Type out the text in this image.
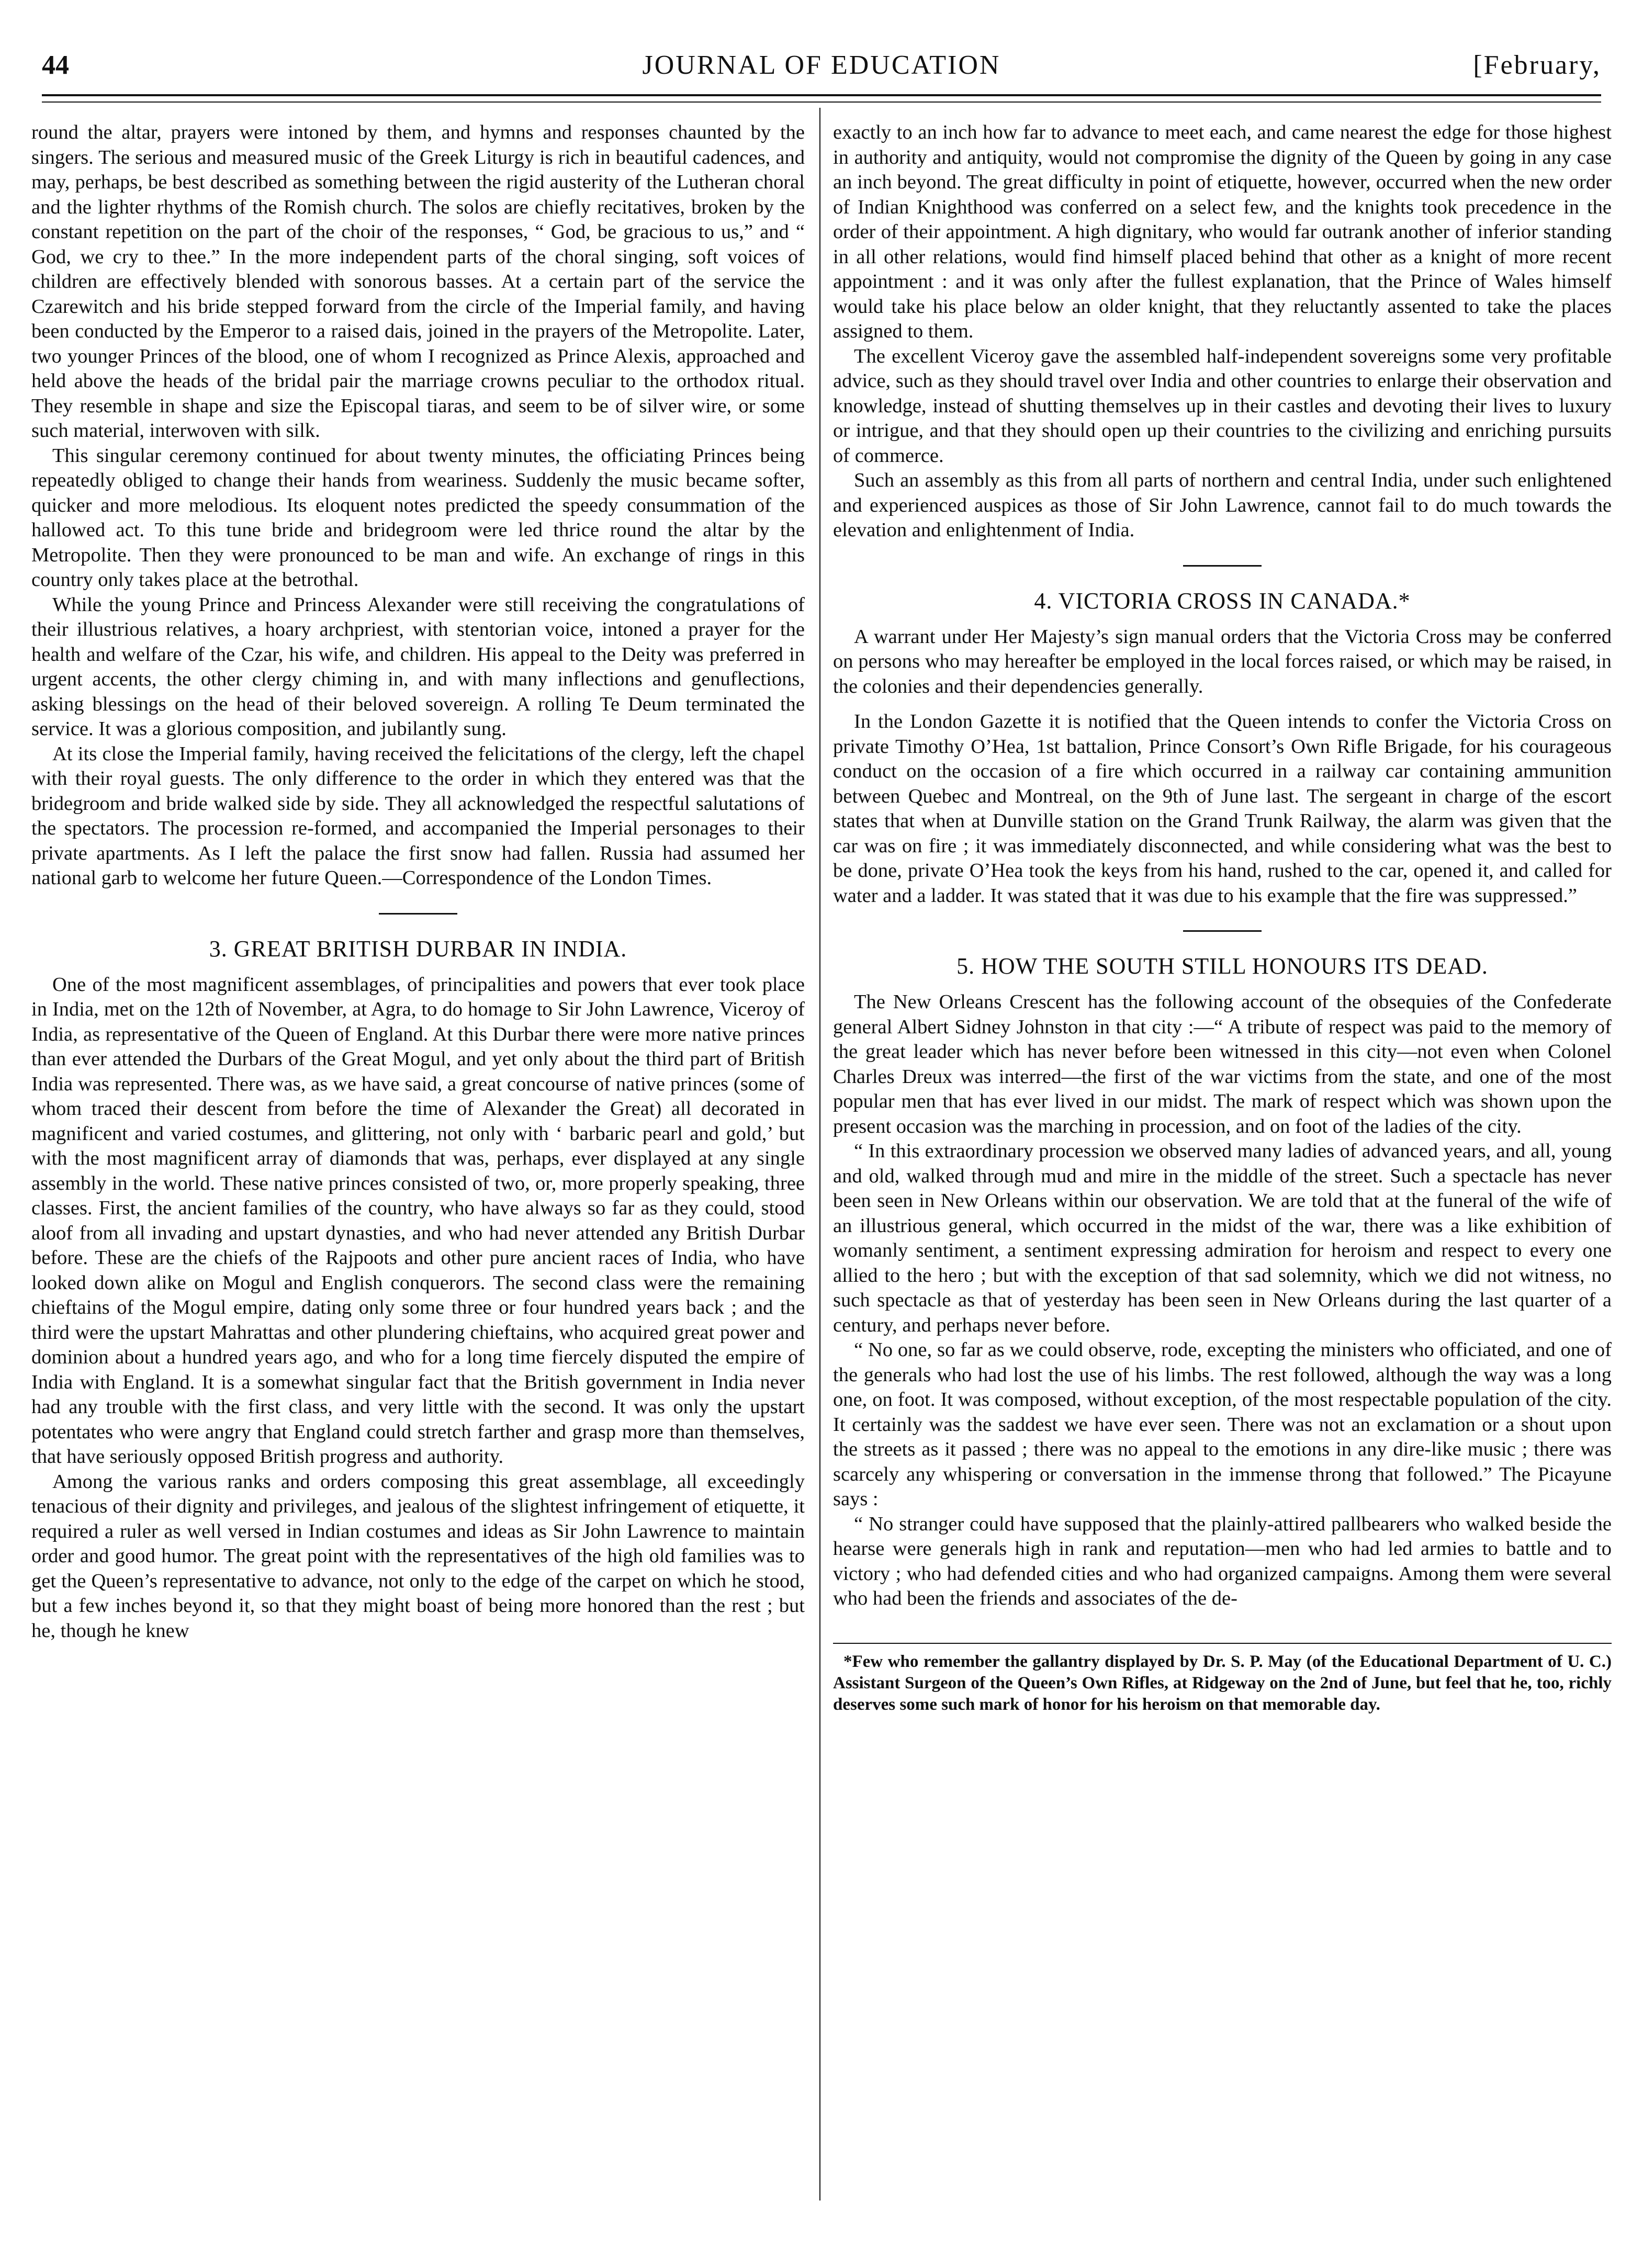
44	JOURNAL OF EDUCATION	[February,

round the altar, prayers were intoned by them, and hymns and responses chaunted by the singers. The serious and measured music of the Greek Liturgy is rich in beautiful cadences, and may, perhaps, be best described as something between the rigid austerity of the Lutheran choral and the lighter rhythms of the Romish church. The solos are chiefly recitatives, broken by the constant repetition on the part of the choir of the responses, “ God, be gracious to us,” and “ God, we cry to thee.” In the more independent parts of the choral singing, soft voices of children are effectively blended with sonorous basses. At a certain part of the service the Czarewitch and his bride stepped forward from the circle of the Imperial family, and having been conducted by the Emperor to a raised dais, joined in the prayers of the Metropolite. Later, two younger Princes of the blood, one of whom I recognized as Prince Alexis, approached and held above the heads of the bridal pair the marriage crowns peculiar to the orthodox ritual. They resemble in shape and size the Episcopal tiaras, and seem to be of silver wire, or some such material, interwoven with silk.

This singular ceremony continued for about twenty minutes, the officiating Princes being repeatedly obliged to change their hands from weariness. Suddenly the music became softer, quicker and more melodious. Its eloquent notes predicted the speedy consummation of the hallowed act. To this tune bride and bridegroom were led thrice round the altar by the Metropolite. Then they were pronounced to be man and wife. An exchange of rings in this country only takes place at the betrothal.

While the young Prince and Princess Alexander were still receiving the congratulations of their illustrious relatives, a hoary archpriest, with stentorian voice, intoned a prayer for the health and welfare of the Czar, his wife, and children. His appeal to the Deity was preferred in urgent accents, the other clergy chiming in, and with many inflections and genuflections, asking blessings on the head of their beloved sovereign. A rolling Te Deum terminated the service. It was a glorious composition, and jubilantly sung.

At its close the Imperial family, having received the felicitations of the clergy, left the chapel with their royal guests. The only difference to the order in which they entered was that the bridegroom and bride walked side by side. They all acknowledged the respectful salutations of the spectators. The procession re-formed, and accompanied the Imperial personages to their private apartments. As I left the palace the first snow had fallen. Russia had assumed her national garb to welcome her future Queen.—Correspondence of the London Times.

3. GREAT BRITISH DURBAR IN INDIA.

One of the most magnificent assemblages, of principalities and powers that ever took place in India, met on the 12th of November, at Agra, to do homage to Sir John Lawrence, Viceroy of India, as representative of the Queen of England. At this Durbar there were more native princes than ever attended the Durbars of the Great Mogul, and yet only about the third part of British India was represented. There was, as we have said, a great concourse of native princes (some of whom traced their descent from before the time of Alexander the Great) all decorated in magnificent and varied costumes, and glittering, not only with ‘ barbaric pearl and gold,’ but with the most magnificent array of diamonds that was, perhaps, ever displayed at any single assembly in the world. These native princes consisted of two, or, more properly speaking, three classes. First, the ancient families of the country, who have always so far as they could, stood aloof from all invading and upstart dynasties, and who had never attended any British Durbar before. These are the chiefs of the Rajpoots and other pure ancient races of India, who have looked down alike on Mogul and English conquerors. The second class were the remaining chieftains of the Mogul empire, dating only some three or four hundred years back ; and the third were the upstart Mahrattas and other plundering chieftains, who acquired great power and dominion about a hundred years ago, and who for a long time fiercely disputed the empire of India with England. It is a somewhat singular fact that the British government in India never had any trouble with the first class, and very little with the second. It was only the upstart potentates who were angry that England could stretch farther and grasp more than themselves, that have seriously opposed British progress and authority.

Among the various ranks and orders composing this great assemblage, all exceedingly tenacious of their dignity and privileges, and jealous of the slightest infringement of etiquette, it required a ruler as well versed in Indian costumes and ideas as Sir John Lawrence to maintain order and good humor. The great point with the representatives of the high old families was to get the Queen’s representative to advance, not only to the edge of the carpet on which he stood, but a few inches beyond it, so that they might boast of being more honored than the rest ; but he, though he knew

exactly to an inch how far to advance to meet each, and came nearest the edge for those highest in authority and antiquity, would not compromise the dignity of the Queen by going in any case an inch beyond. The great difficulty in point of etiquette, however, occurred when the new order of Indian Knighthood was conferred on a select few, and the knights took precedence in the order of their appointment. A high dignitary, who would far outrank another of inferior standing in all other relations, would find himself placed behind that other as a knight of more recent appointment : and it was only after the fullest explanation, that the Prince of Wales himself would take his place below an older knight, that they reluctantly assented to take the places assigned to them.

The excellent Viceroy gave the assembled half-independent sovereigns some very profitable advice, such as they should travel over India and other countries to enlarge their observation and knowledge, instead of shutting themselves up in their castles and devoting their lives to luxury or intrigue, and that they should open up their countries to the civilizing and enriching pursuits of commerce.

Such an assembly as this from all parts of northern and central India, under such enlightened and experienced auspices as those of Sir John Lawrence, cannot fail to do much towards the elevation and enlightenment of India.

4. VICTORIA CROSS IN CANADA.*

A warrant under Her Majesty’s sign manual orders that the Victoria Cross may be conferred on persons who may hereafter be employed in the local forces raised, or which may be raised, in the colonies and their dependencies generally.

In the London Gazette it is notified that the Queen intends to confer the Victoria Cross on private Timothy O’Hea, 1st battalion, Prince Consort’s Own Rifle Brigade, for his courageous conduct on the occasion of a fire which occurred in a railway car containing ammunition between Quebec and Montreal, on the 9th of June last. The sergeant in charge of the escort states that when at Dunville station on the Grand Trunk Railway, the alarm was given that the car was on fire ; it was immediately disconnected, and while considering what was the best to be done, private O’Hea took the keys from his hand, rushed to the car, opened it, and called for water and a ladder. It was stated that it was due to his example that the fire was suppressed.”

5. HOW THE SOUTH STILL HONOURS ITS DEAD.

The New Orleans Crescent has the following account of the obsequies of the Confederate general Albert Sidney Johnston in that city :—“ A tribute of respect was paid to the memory of the great leader which has never before been witnessed in this city—not even when Colonel Charles Dreux was interred—the first of the war victims from the state, and one of the most popular men that has ever lived in our midst. The mark of respect which was shown upon the present occasion was the marching in procession, and on foot of the ladies of the city.

“ In this extraordinary procession we observed many ladies of advanced years, and all, young and old, walked through mud and mire in the middle of the street. Such a spectacle has never been seen in New Orleans within our observation. We are told that at the funeral of the wife of an illustrious general, which occurred in the midst of the war, there was a like exhibition of womanly sentiment, a sentiment expressing admiration for heroism and respect to every one allied to the hero ; but with the exception of that sad solemnity, which we did not witness, no such spectacle as that of yesterday has been seen in New Orleans during the last quarter of a century, and perhaps never before.

“ No one, so far as we could observe, rode, excepting the ministers who officiated, and one of the generals who had lost the use of his limbs. The rest followed, although the way was a long one, on foot. It was composed, without exception, of the most respectable population of the city. It certainly was the saddest we have ever seen. There was not an exclamation or a shout upon the streets as it passed ; there was no appeal to the emotions in any dire-like music ; there was scarcely any whispering or conversation in the immense throng that followed.” The Picayune says :

“ No stranger could have supposed that the plainly-attired pallbearers who walked beside the hearse were generals high in rank and reputation—men who had led armies to battle and to victory ; who had defended cities and who had organized campaigns. Among them were several who had been the friends and associates of the de-

*Few who remember the gallantry displayed by Dr. S. P. May (of the Educational Department of U. C.) Assistant Surgeon of the Queen’s Own Rifles, at Ridgeway on the 2nd of June, but feel that he, too, richly deserves some such mark of honor for his heroism on that memorable day.
